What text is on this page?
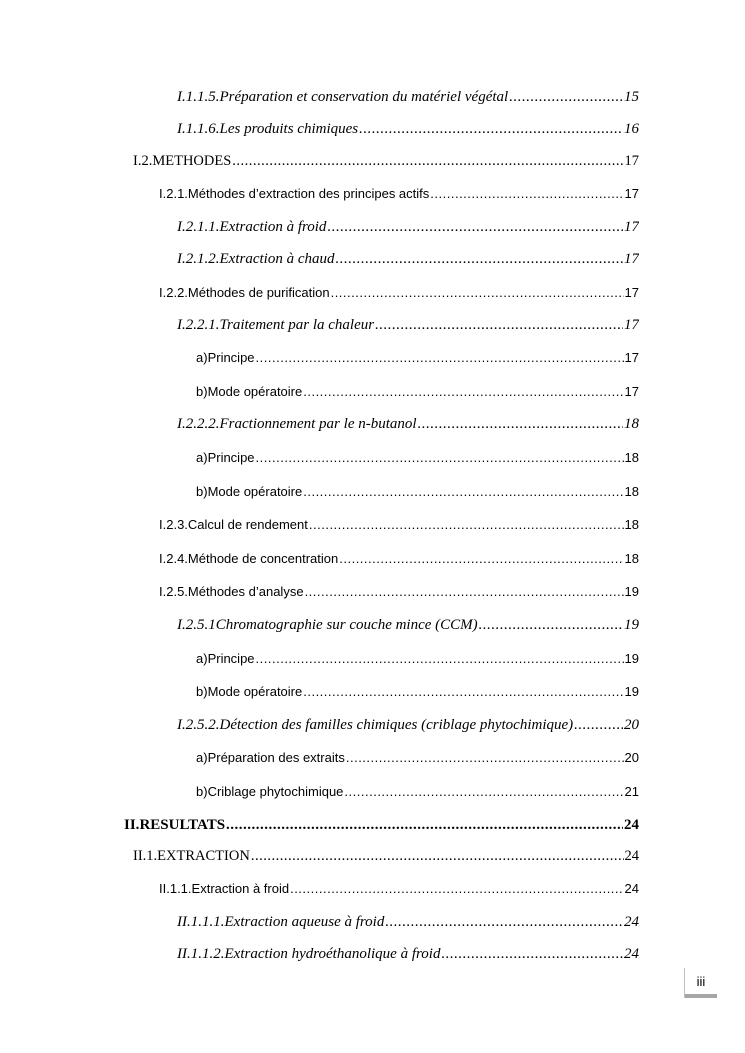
I.1.1.5. Préparation et conservation du matériel végétal .....	15
I.1.1.6. Les produits chimiques .....	16
I.2. METHODES .....	17
I.2.1. Méthodes d’extraction des principes actifs .....	17
I.2.1.1. Extraction à froid .....	17
I.2.1.2. Extraction à chaud .....	17
I.2.2. Méthodes de purification .....	17
I.2.2.1. Traitement par la chaleur .....	17
a) Principe .....	17
b) Mode opératoire .....	17
I.2.2.2. Fractionnement par le n-butanol .....	18
a) Principe .....	18
b) Mode opératoire .....	18
I.2.3. Calcul de rendement .....	18
I.2.4. Méthode de concentration .....	18
I.2.5. Méthodes d’analyse .....	19
I.2.5.1 Chromatographie sur couche mince (CCM) .....	19
a) Principe .....	19
b) Mode opératoire .....	19
I.2.5.2. Détection des familles chimiques (criblage phytochimique) .....	20
a) Préparation des extraits .....	20
b) Criblage phytochimique .....	21
II. RESULTATS .....	24
II.1. EXTRACTION .....	24
II.1.1. Extraction à froid .....	24
II.1.1.1. Extraction aqueuse à froid .....	24
II.1.1.2. Extraction hydroéthanolique à froid .....	24
iii
